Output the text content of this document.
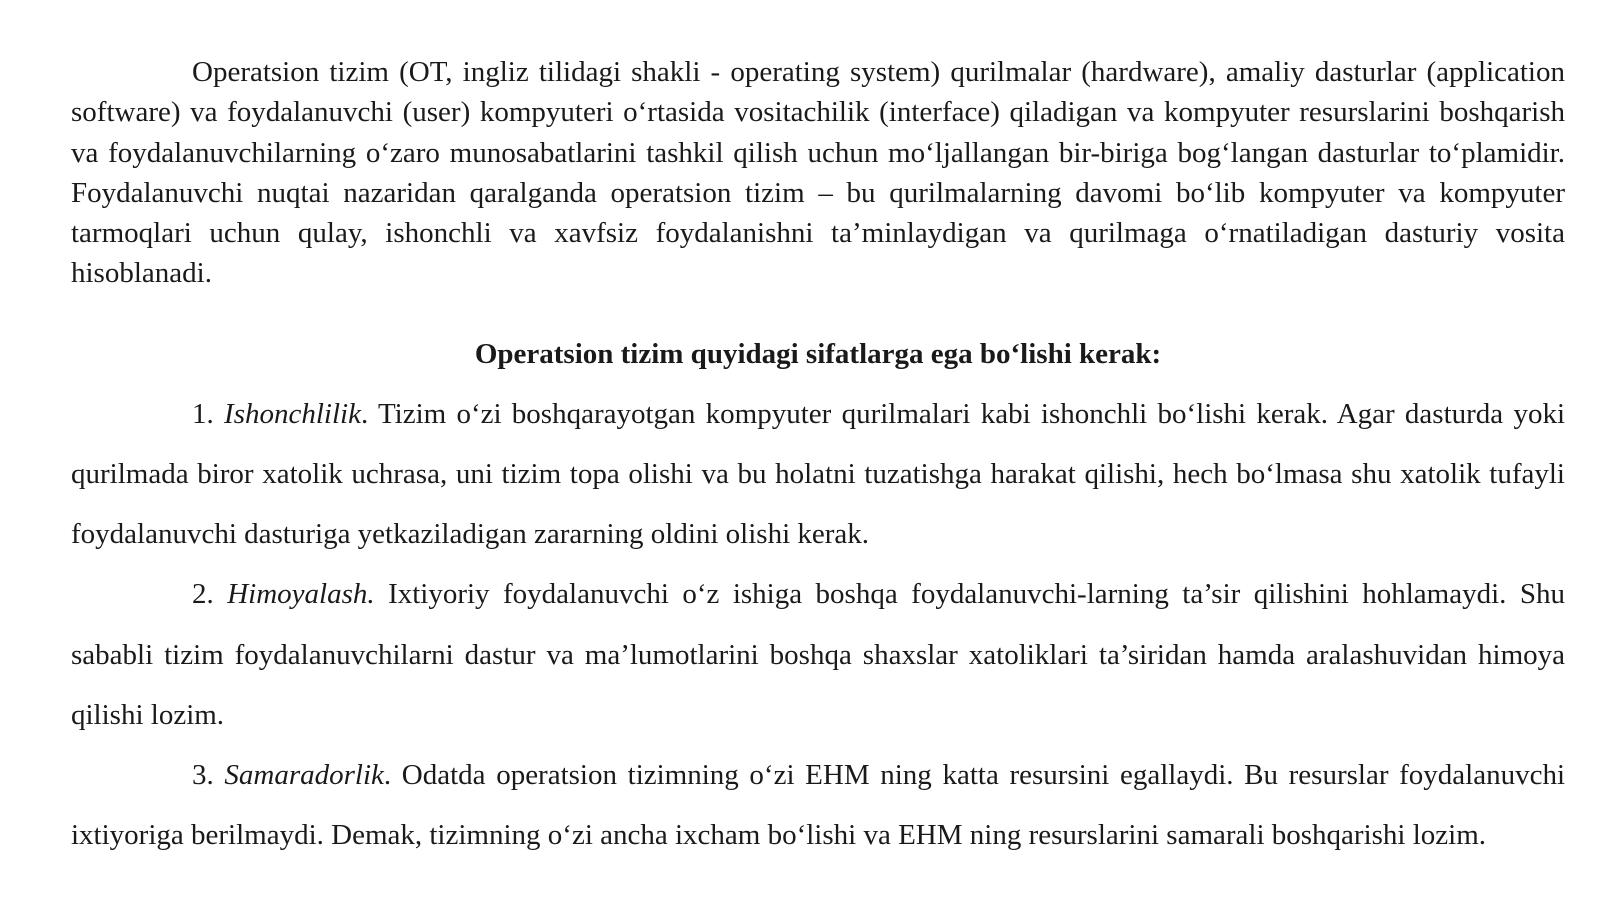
Operatsion tizim (OT, ingliz tilidagi shakli - operating system) qurilmalar (hardware), amaliy dasturlar (application software) va foydalanuvchi (user) kompyuteri o‘rtasida vositachilik (interface) qiladigan va kompyuter resurslarini boshqarish va foydalanuvchilarning o‘zaro munosabatlarini tashkil qilish uchun mo‘ljallangan bir-biriga bog‘langan dasturlar to‘plamidir. Foydalanuvchi nuqtai nazaridan qaralganda operatsion tizim – bu qurilmalarning davomi bo‘lib kompyuter va kompyuter tarmoqlari uchun qulay, ishonchli va xavfsiz foydalanishni ta’minlaydigan va qurilmaga o‘rnatiladigan dasturiy vosita hisoblanadi.

Operatsion tizim quyidagi sifatlarga ega bo‘lishi kerak:

1. Ishonchlilik. Tizim o‘zi boshqarayotgan kompyuter qurilmalari kabi ishonchli bo‘lishi kerak. Agar dasturda yoki qurilmada biror xatolik uchrasa, uni tizim topa olishi va bu holatni tuzatishga harakat qilishi, hech bo‘lmasa shu xatolik tufayli foydalanuvchi dasturiga yetkaziladigan zararning oldini olishi kerak.

2. Himoyalash. Ixtiyoriy foydalanuvchi o‘z ishiga boshqa foydalanuvchi-larning ta’sir qilishini hohlamaydi. Shu sababli tizim foydalanuvchilarni dastur va ma’lumotlarini boshqa shaxslar xatoliklari ta’siridan hamda aralashuvidan himoya qilishi lozim.

3. Samaradorlik. Odatda operatsion tizimning o‘zi EHM ning katta resursini egallaydi. Bu resurslar foydalanuvchi ixtiyoriga berilmaydi. Demak, tizimning o‘zi ancha ixcham bo‘lishi va EHM ning resurslarini samarali boshqarishi lozim.
